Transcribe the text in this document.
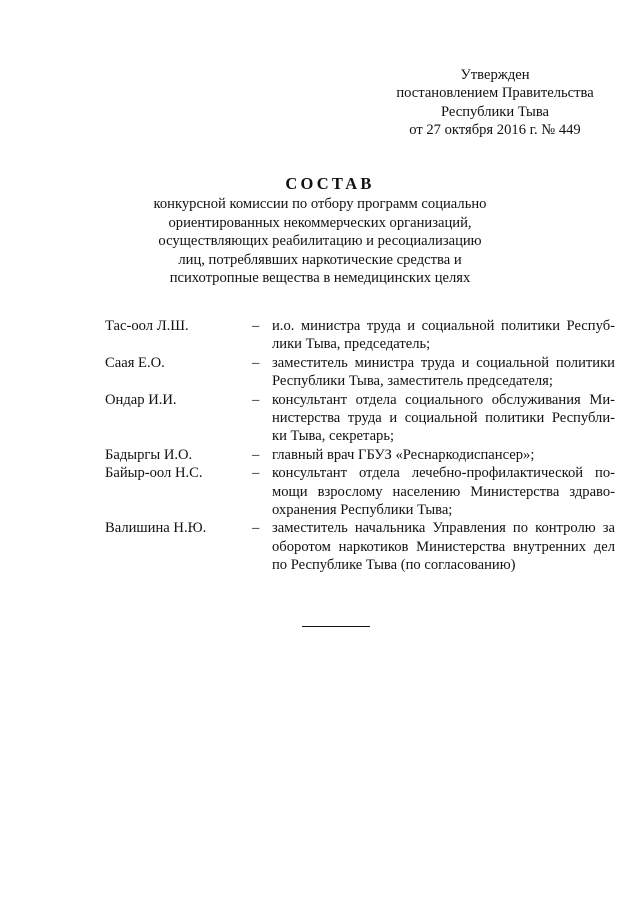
Утвержден
постановлением Правительства
Республики Тыва
от 27 октября 2016 г. № 449
СОСТАВ
конкурсной комиссии по отбору программ социально
ориентированных некоммерческих организаций,
осуществляющих реабилитацию и ресоциализацию
лиц, потреблявших наркотические средства и
психотропные вещества в немедицинских целях
Тас-оол Л.Ш.	– и.о. министра труда и социальной политики Респуб-
лики Тыва, председатель;
Саая Е.О.	– заместитель министра труда и социальной политики
Республики Тыва, заместитель председателя;
Ондар И.И.	– консультант отдела социального обслуживания Ми-
нистерства труда и социальной политики Республи-
ки Тыва, секретарь;
Бадыргы И.О.	– главный врач ГБУЗ «Реснаркодиспансер»;
Байыр-оол Н.С.	– консультант отдела лечебно-профилактической по-
мощи взрослому населению Министерства здраво-
охранения Республики Тыва;
Валишина Н.Ю.	– заместитель начальника Управления по контролю за
оборотом наркотиков Министерства внутренних дел
по Республике Тыва (по согласованию)
